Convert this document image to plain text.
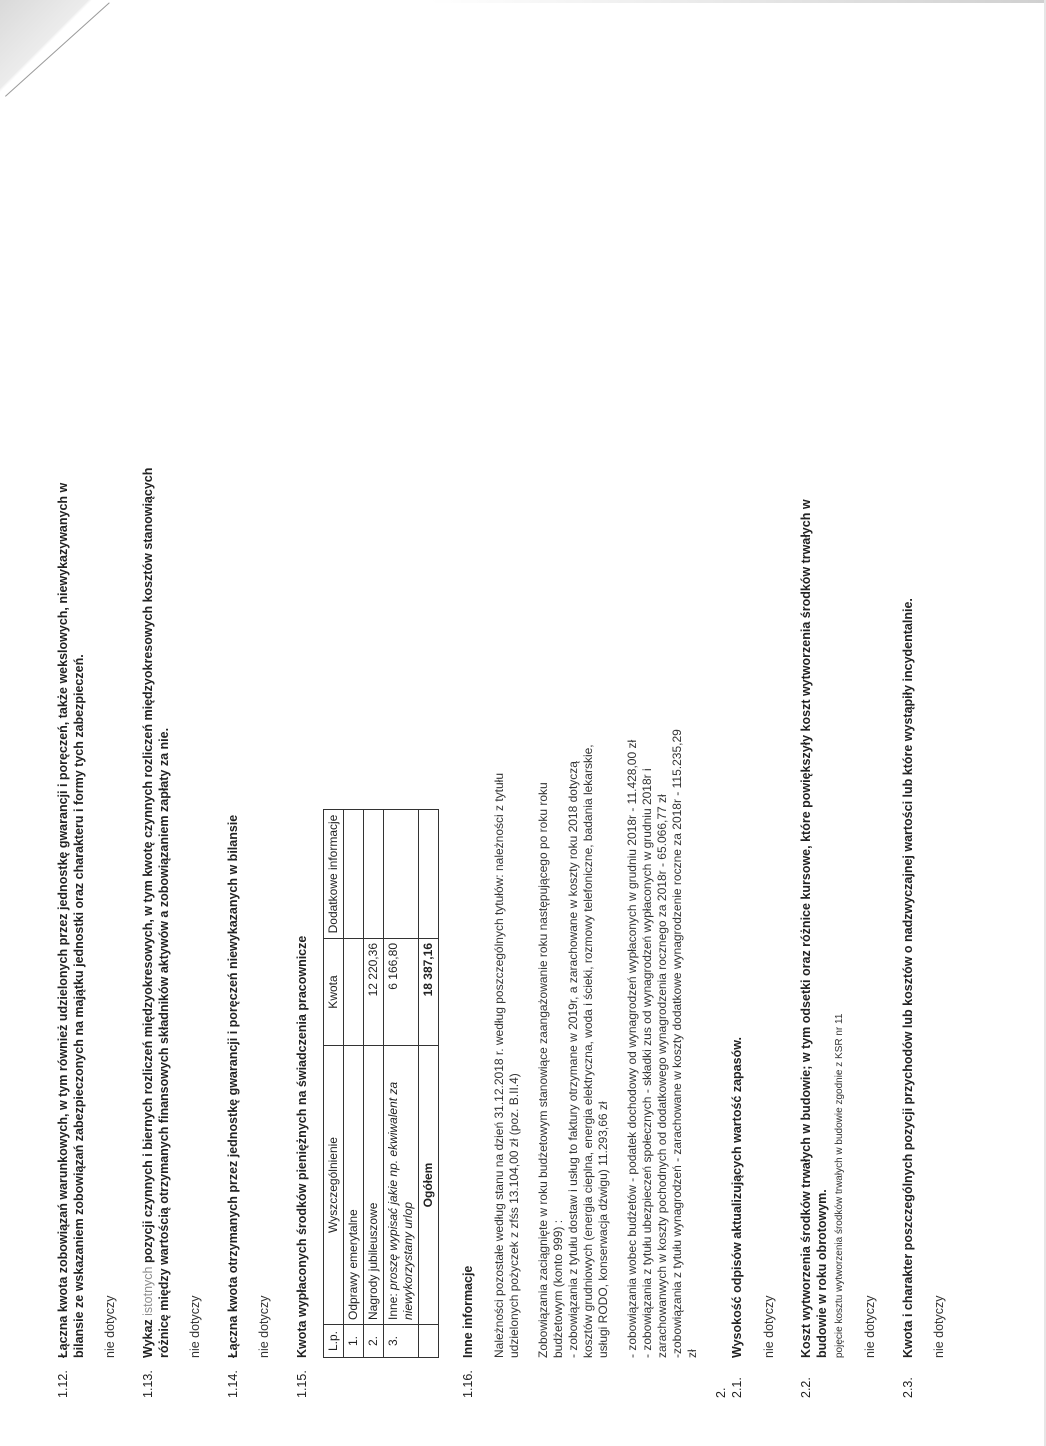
1.12.
Łączna kwota zobowiązań warunkowych, w tym również udzielonych przez jednostkę gwarancji i poręczeń, także wekslowych, niewykazywanych w bilansie ze wskazaniem zobowiązań zabezpieczonych na majątku jednostki oraz charakteru i formy tych zabezpieczeń. nie dotyczy
1.13.
Wykaz istotnych pozycji czynnych i biernych rozliczeń międzyokresowych, w tym kwotę czynnych rozliczeń międzyokresowych kosztów stanowiących różnicę między wartością otrzymanych finansowych składników aktywów a zobowiązaniem zapłaty za nie. nie dotyczy
1.14.
Łączna kwota otrzymanych przez jednostkę gwarancji i poręczeń niewykazanych w bilansie nie dotyczy
1.15.
Kwota wypłaconych środków pieniężnych na świadczenia pracownicze L.p.	Wyszczególnienie	Kwota	Dodatkowe informacje
1.	Odprawy emerytalne		
2.	Nagrody jubileuszowe	12 220,36	
3.	Inne: proszę wypisać jakie np. ekwiwalent za niewykorzystany urlop	6 166,80	
	Ogółem	18 387,16	
1.16.
Inne informacje Należności pozostałe według stanu na dzień 31.12.2018 r. według poszczególnych tytułów: należności z tytułu udzielonych pożyczek z zfśs 13.104,00 zł (poz. B.II.4) Zobowiązania zaciągnięte w roku budżetowym stanowiące zaangażowanie roku następującego po roku roku budżetowym (konto 999) : - zobowiązania z tytułu dostaw i usług to faktury otrzymane w 2019r, a zarachowane w koszty roku 2018 dotyczą kosztów grudniowych (energia cieplna, energia elektryczna, woda i ścieki, rozmowy telefoniczne, badania lekarskie, usługi RODO, konserwacja dźwigu) 11.293,66 zł - zobowiązania wobec budżetów - podatek dochodowy od wynagrodzeń wypłaconych w grudniu 2018r - 11.428,00 zł - zobowiązania z tytułu ubezpieczeń społecznych - składki zus od wynagrodzeń wypłaconych w grudniu 2018r i zarachowanwych w koszty pochodnych od dodatkowego wynagrodzenia rocznego za 2018r - 65.066,77 zł -zobowiązania z tytułu wynagrodzeń - zarachowane w koszty dodatkowe wynagrodzenie roczne za 2018r - 115.235,29 zł

2. 2.1.
Wysokość odpisów aktualizujących wartość zapasów. nie dotyczy
2.2.
Koszt wytworzenia środków trwałych w budowie; w tym odsetki oraz różnice kursowe, które powiększyły koszt wytworzenia środków trwałych w budowie w roku obrotowym. pojęcie kosztu wytworzenia środków trwałych w budowie zgodnie z KSR nr 11 nie dotyczy
2.3.
Kwota i charakter poszczególnych pozycji przychodów lub kosztów o nadzwyczajnej wartości lub które wystąpiły incydentalnie. nie dotyczy
